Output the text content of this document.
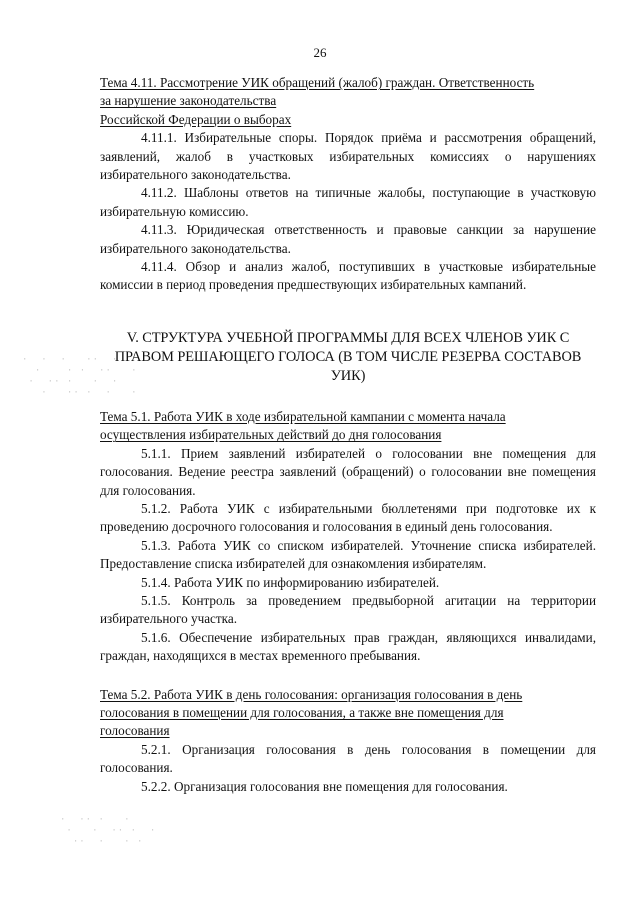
26
·  ·  ·   ··  ·
·    · ·  ··   ·
·  ·· ·   ·  ·
·   ·· ·  ·   ·
·  ·· ·   ·
·   ·  ·· ·  ·
··  ·   · ·

Тема 4.11. Рассмотрение УИК обращений (жалоб) граждан. Ответственность
за нарушение законодательства
Российской Федерации о выборах

4.11.1. Избирательные споры. Порядок приёма и рассмотрения обращений, заявлений, жалоб в участковых избирательных комиссиях о нарушениях избирательного законодательства.

4.11.2. Шаблоны ответов на типичные жалобы, поступающие в участковую избирательную комиссию.

4.11.3. Юридическая ответственность и правовые санкции за нарушение избирательного законодательства.

4.11.4. Обзор и анализ жалоб, поступивших в участковые избирательные комиссии в период проведения предшествующих избирательных кампаний.

V. СТРУКТУРА УЧЕБНОЙ ПРОГРАММЫ ДЛЯ ВСЕХ ЧЛЕНОВ УИК С ПРАВОМ РЕШАЮЩЕГО ГОЛОСА (В ТОМ ЧИСЛЕ РЕЗЕРВА СОСТАВОВ УИК)

Тема 5.1. Работа УИК в ходе избирательной кампании с момента начала
осуществления избирательных действий до дня голосования

5.1.1. Прием заявлений избирателей о голосовании вне помещения для голосования. Ведение реестра заявлений (обращений) о голосовании вне помещения для голосования.

5.1.2. Работа УИК с избирательными бюллетенями при подготовке их к проведению досрочного голосования и голосования в единый день голосования.

5.1.3. Работа УИК со списком избирателей. Уточнение списка избирателей. Предоставление списка избирателей для ознакомления избирателям.

5.1.4. Работа УИК по информированию избирателей.

5.1.5. Контроль за проведением предвыборной агитации на территории избирательного участка.

5.1.6. Обеспечение избирательных прав граждан, являющихся инвалидами, граждан, находящихся в местах временного пребывания.

Тема 5.2. Работа УИК в день голосования: организация голосования в день
голосования в помещении для голосования, а также вне помещения для
голосования

5.2.1. Организация голосования в день голосования в помещении для голосования.

5.2.2. Организация голосования вне помещения для голосования.
